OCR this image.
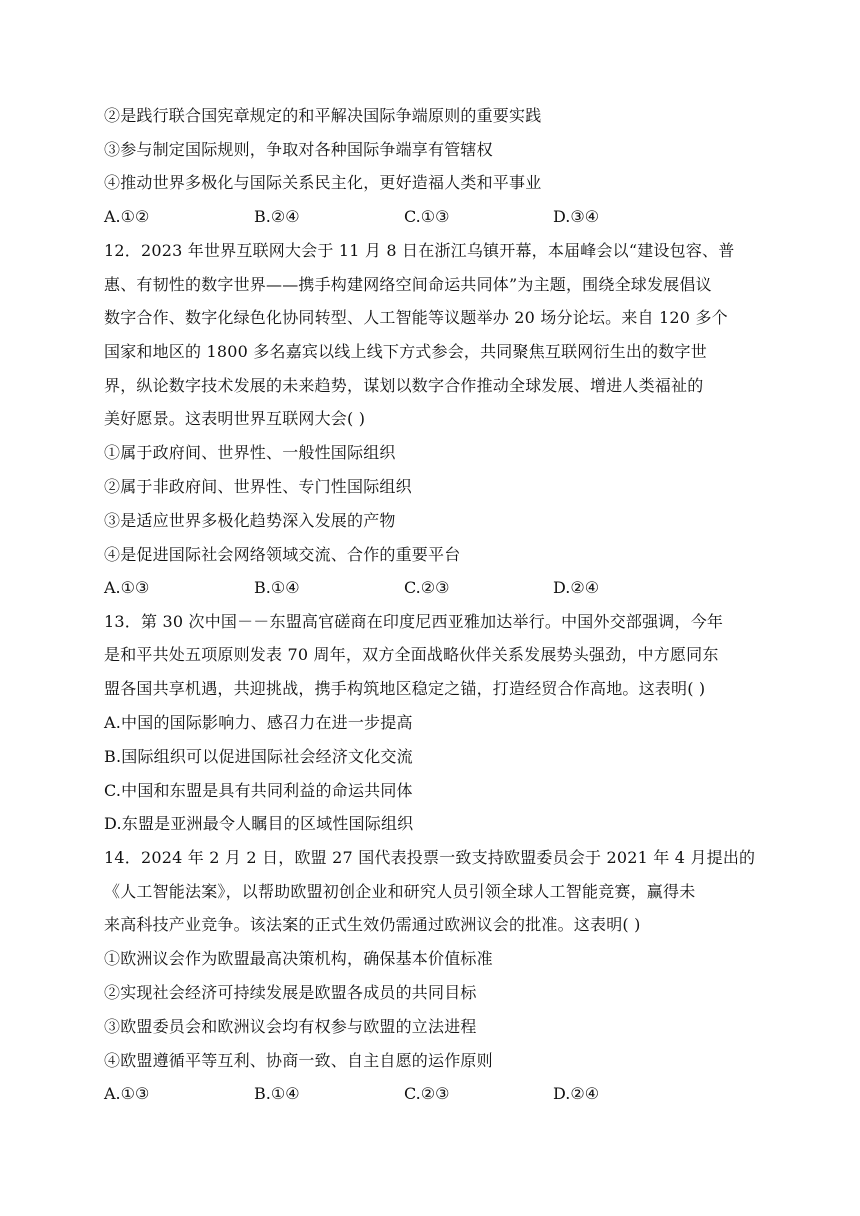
②是践行联合国宪章规定的和平解决国际争端原则的重要实践
③参与制定国际规则，争取对各种国际争端享有管辖权
④推动世界多极化与国际关系民主化，更好造福人类和平事业
A.①②	B.②④	C.①③	D.③④
12．2023 年世界互联网大会于 11 月 8 日在浙江乌镇开幕，本届峰会以“建设包容、普
惠、有韧性的数字世界——携手构建网络空间命运共同体”为主题，围绕全球发展倡议
数字合作、数字化绿色化协同转型、人工智能等议题举办 20 场分论坛。来自 120 多个
国家和地区的 1800 多名嘉宾以线上线下方式参会，共同聚焦互联网衍生出的数字世
界，纵论数字技术发展的未来趋势，谋划以数字合作推动全球发展、增进人类福祉的
美好愿景。这表明世界互联网大会( )
①属于政府间、世界性、一般性国际组织
②属于非政府间、世界性、专门性国际组织
③是适应世界多极化趋势深入发展的产物
④是促进国际社会网络领域交流、合作的重要平台
A.①③	B.①④	C.②③	D.②④
13．第 30 次中国－－东盟高官磋商在印度尼西亚雅加达举行。中国外交部强调，今年
是和平共处五项原则发表 70 周年，双方全面战略伙伴关系发展势头强劲，中方愿同东
盟各国共享机遇，共迎挑战，携手构筑地区稳定之锚，打造经贸合作高地。这表明( )
A.中国的国际影响力、感召力在进一步提高
B.国际组织可以促进国际社会经济文化交流
C.中国和东盟是具有共同利益的命运共同体
D.东盟是亚洲最令人瞩目的区域性国际组织
14．2024 年 2 月 2 日，欧盟 27 国代表投票一致支持欧盟委员会于 2021 年 4 月提出的
《人工智能法案》，以帮助欧盟初创企业和研究人员引领全球人工智能竞赛，赢得未
来高科技产业竞争。该法案的正式生效仍需通过欧洲议会的批准。这表明( )
①欧洲议会作为欧盟最高决策机构，确保基本价值标准
②实现社会经济可持续发展是欧盟各成员的共同目标
③欧盟委员会和欧洲议会均有权参与欧盟的立法进程
④欧盟遵循平等互利、协商一致、自主自愿的运作原则
A.①③	B.①④	C.②③	D.②④
